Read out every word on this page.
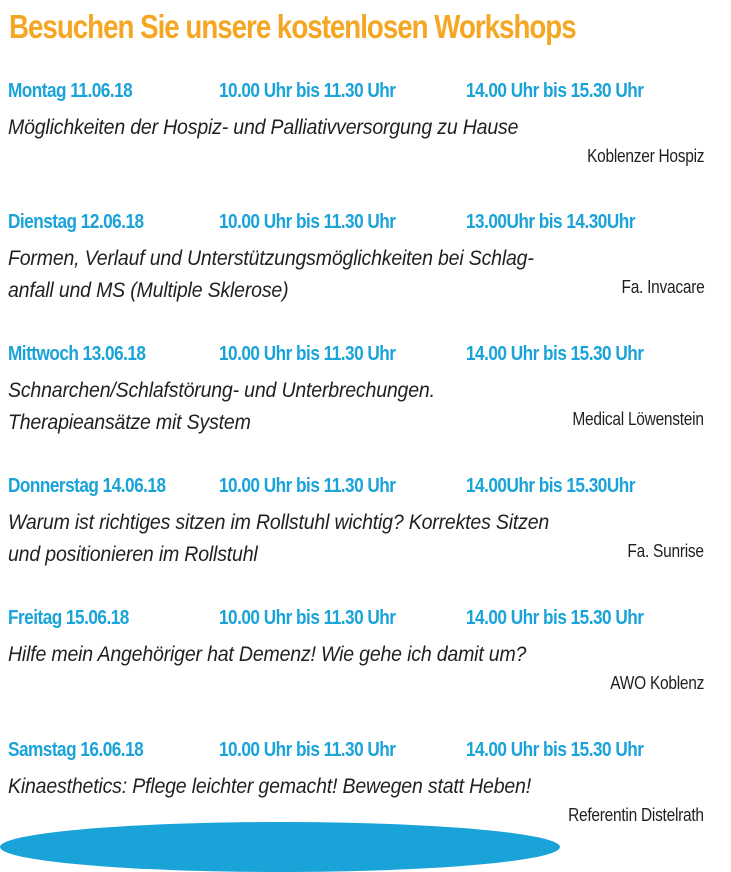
Besuchen Sie unsere kostenlosen Workshops
Montag 11.06.18	10.00 Uhr bis 11.30 Uhr	14.00 Uhr bis 15.30 Uhr
Möglichkeiten der Hospiz- und Palliativversorgung zu Hause
Koblenzer Hospiz
Dienstag 12.06.18	10.00 Uhr bis 11.30 Uhr	13.00Uhr bis 14.30Uhr
Formen, Verlauf und Unterstützungsmöglichkeiten bei Schlag-
anfall und MS (Multiple Sklerose)	Fa. Invacare
Mittwoch 13.06.18	10.00 Uhr bis 11.30 Uhr	14.00 Uhr bis 15.30 Uhr
Schnarchen/Schlafstörung- und Unterbrechungen.
Therapieansätze mit System	Medical Löwenstein
Donnerstag 14.06.18	10.00 Uhr bis 11.30 Uhr	14.00Uhr bis 15.30Uhr
Warum ist richtiges sitzen im Rollstuhl wichtig? Korrektes Sitzen
und positionieren im Rollstuhl	Fa. Sunrise
Freitag 15.06.18	10.00 Uhr bis 11.30 Uhr	14.00 Uhr bis 15.30 Uhr
Hilfe mein Angehöriger hat Demenz! Wie gehe ich damit um?
AWO Koblenz
Samstag 16.06.18	10.00 Uhr bis 11.30 Uhr	14.00 Uhr bis 15.30 Uhr
Kinaesthetics: Pflege leichter gemacht! Bewegen statt Heben!
Referentin Distelrath
